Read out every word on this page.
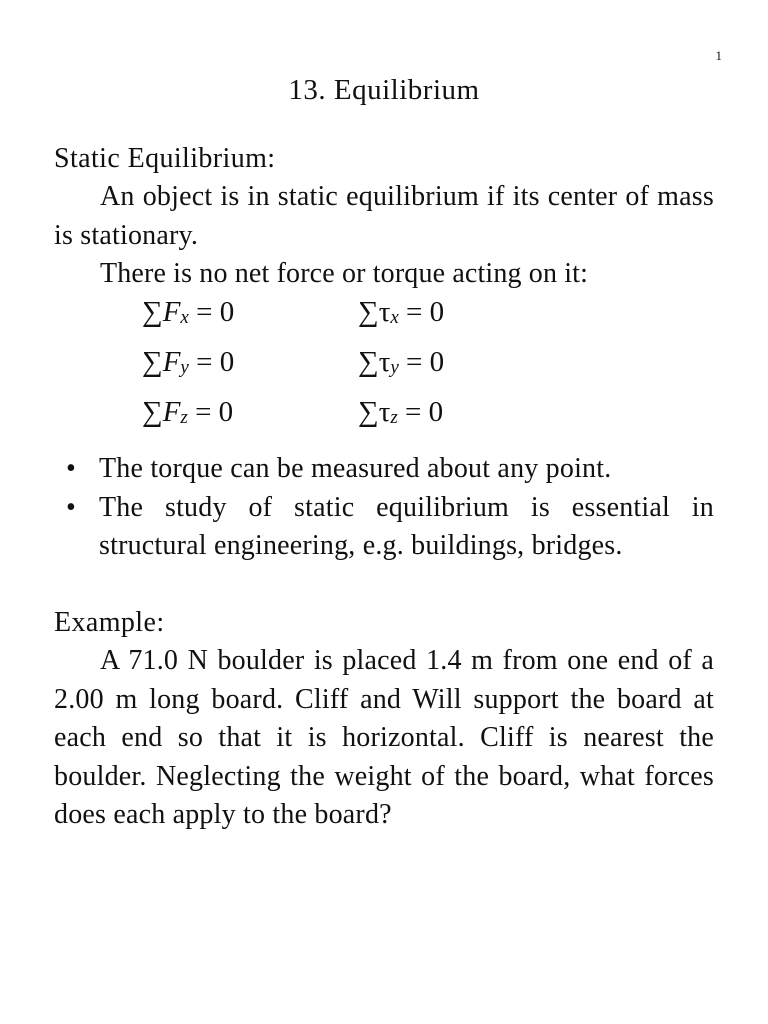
1
13. Equilibrium
Static Equilibrium:
An object is in static equilibrium if its center of mass is stationary.
There is no net force or torque acting on it:
$\sum F_x = 0$	$\sum\tau_x = 0$
$\sum F_y = 0$	$\sum\tau_y = 0$
$\sum F_z = 0$	$\sum\tau_z = 0$
• The torque can be measured about any point.
• The study of static equilibrium is essential in structural engineering, e.g. buildings, bridges.
Example:
A 71.0 N boulder is placed 1.4 m from one end of a 2.00 m long board. Cliff and Will support the board at each end so that it is horizontal. Cliff is nearest the boulder. Neglecting the weight of the board, what forces does each apply to the board?
